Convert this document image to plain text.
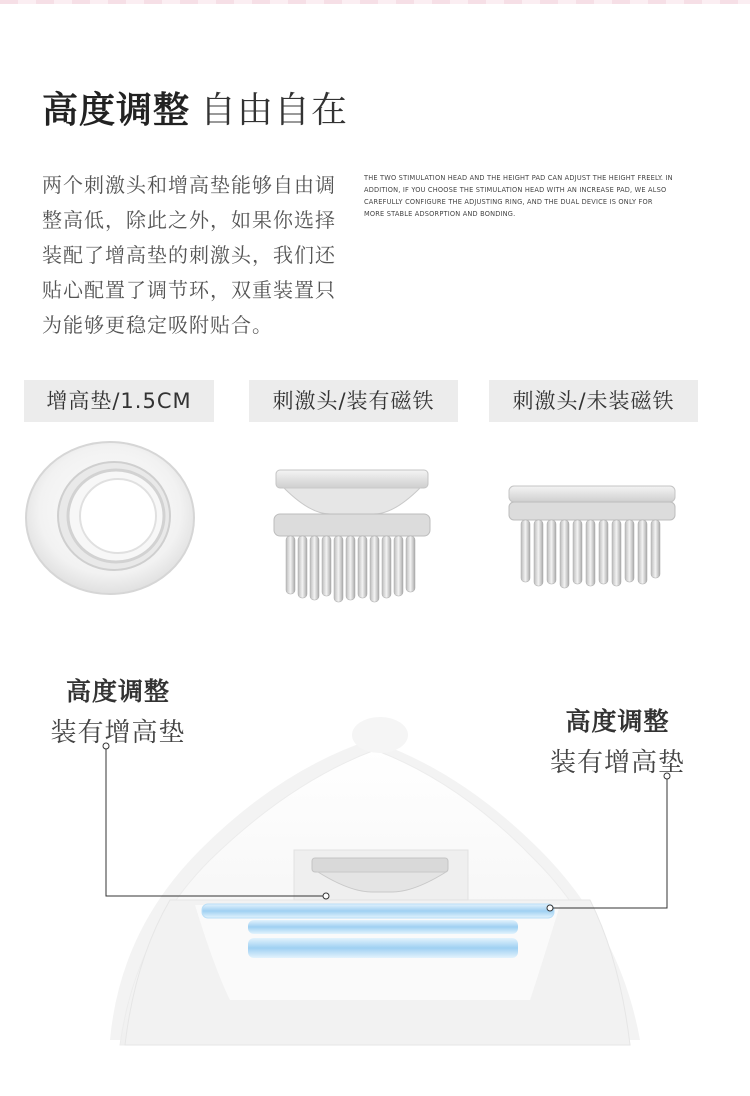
高度调整 自由自在
两个刺激头和增高垫能够自由调整高低，除此之外，如果你选择装配了增高垫的刺激头，我们还贴心配置了调节环，双重装置只为能够更稳定吸附贴合。
THE TWO STIMULATION HEAD AND THE HEIGHT PAD CAN ADJUST THE HEIGHT FREELY. IN ADDITION, IF YOU CHOOSE THE STIMULATION HEAD WITH AN INCREASE PAD, WE ALSO CAREFULLY CONFIGURE THE ADJUSTING RING, AND THE DUAL DEVICE IS ONLY FOR MORE STABLE ADSORPTION AND BONDING.
增高垫/1.5CM	刺激头/装有磁铁	刺激头/未装磁铁
高度调整
装有增高垫	高度调整
装有增高垫
